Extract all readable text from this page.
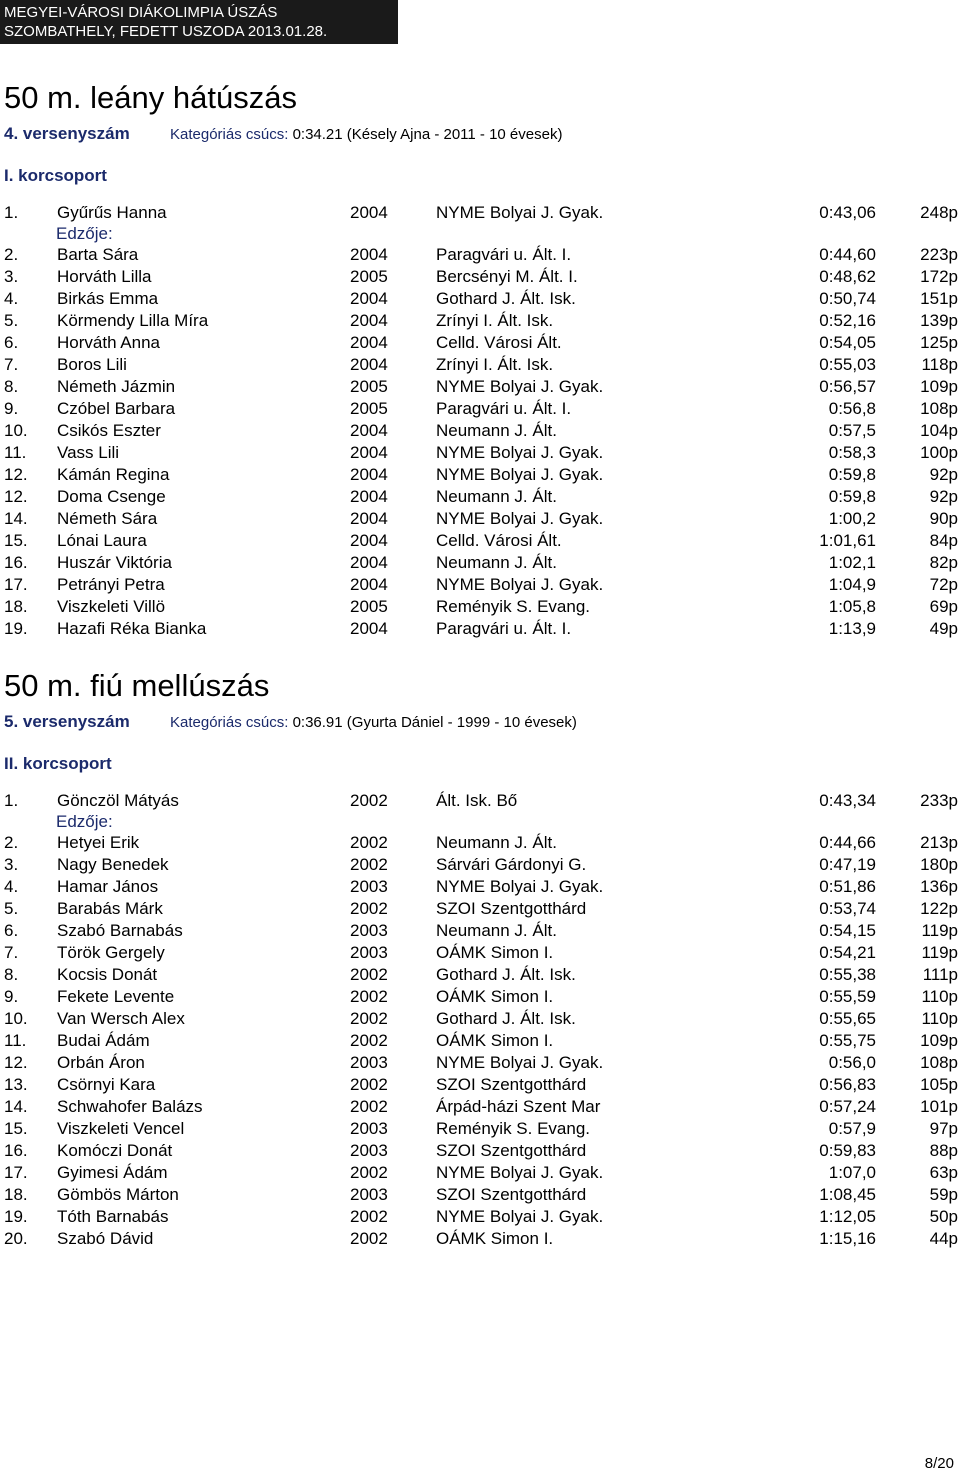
MEGYEI-VÁROSI DIÁKOLIMPIA ÚSZÁS
SZOMBATHELY, FEDETT USZODA 2013.01.28.
50 m. leány hátúszás
4. versenyszám	Kategóriás csúcs: 0:34.21 (Késely Ajna - 2011 - 10 évesek)
I. korcsoport
1. Gyűrűs Hanna	2004	NYME Bolyai J. Gyak.	0:43,06	248p
Edzője:
2. Barta Sára	2004	Paragvári u. Ált. I.	0:44,60	223p
3. Horváth Lilla	2005	Bercsényi M. Ált. I.	0:48,62	172p
4. Birkás Emma	2004	Gothard J. Ált. Isk.	0:50,74	151p
5. Körmendy Lilla Míra	2004	Zrínyi I. Ált. Isk.	0:52,16	139p
6. Horváth Anna	2004	Celld. Városi Ált.	0:54,05	125p
7. Boros Lili	2004	Zrínyi I. Ált. Isk.	0:55,03	118p
8. Németh Jázmin	2005	NYME Bolyai J. Gyak.	0:56,57	109p
9. Czóbel Barbara	2005	Paragvári u. Ált. I.	0:56,8	108p
10. Csikós Eszter	2004	Neumann J. Ált.	0:57,5	104p
11. Vass Lili	2004	NYME Bolyai J. Gyak.	0:58,3	100p
12. Kámán Regina	2004	NYME Bolyai J. Gyak.	0:59,8	92p
12. Doma Csenge	2004	Neumann J. Ált.	0:59,8	92p
14. Németh Sára	2004	NYME Bolyai J. Gyak.	1:00,2	90p
15. Lónai Laura	2004	Celld. Városi Ált.	1:01,61	84p
16. Huszár Viktória	2004	Neumann J. Ált.	1:02,1	82p
17. Petrányi Petra	2004	NYME Bolyai J. Gyak.	1:04,9	72p
18. Viszkeleti Villö	2005	Reményik S. Evang.	1:05,8	69p
19. Hazafi Réka Bianka	2004	Paragvári u. Ált. I.	1:13,9	49p
50 m. fiú mellúszás
5. versenyszám	Kategóriás csúcs: 0:36.91 (Gyurta Dániel - 1999 - 10 évesek)
II. korcsoport
1. Gönczöl Mátyás	2002	Ált. Isk. Bő	0:43,34	233p
Edzője:
2. Hetyei Erik	2002	Neumann J. Ált.	0:44,66	213p
3. Nagy Benedek	2002	Sárvári Gárdonyi G.	0:47,19	180p
4. Hamar János	2003	NYME Bolyai J. Gyak.	0:51,86	136p
5. Barabás Márk	2002	SZOI Szentgotthárd	0:53,74	122p
6. Szabó Barnabás	2003	Neumann J. Ált.	0:54,15	119p
7. Török Gergely	2003	OÁMK Simon I.	0:54,21	119p
8. Kocsis Donát	2002	Gothard J. Ált. Isk.	0:55,38	111p
9. Fekete Levente	2002	OÁMK Simon I.	0:55,59	110p
10. Van Wersch Alex	2002	Gothard J. Ált. Isk.	0:55,65	110p
11. Budai Ádám	2002	OÁMK Simon I.	0:55,75	109p
12. Orbán Áron	2003	NYME Bolyai J. Gyak.	0:56,0	108p
13. Csörnyi Kara	2002	SZOI Szentgotthárd	0:56,83	105p
14. Schwahofer Balázs	2002	Árpád-házi Szent Mar	0:57,24	101p
15. Viszkeleti Vencel	2003	Reményik S. Evang.	0:57,9	97p
16. Komóczi Donát	2003	SZOI Szentgotthárd	0:59,83	88p
17. Gyimesi Ádám	2002	NYME Bolyai J. Gyak.	1:07,0	63p
18. Gömbös Márton	2003	SZOI Szentgotthárd	1:08,45	59p
19. Tóth Barnabás	2002	NYME Bolyai J. Gyak.	1:12,05	50p
20. Szabó Dávid	2002	OÁMK Simon I.	1:15,16	44p
8/20
